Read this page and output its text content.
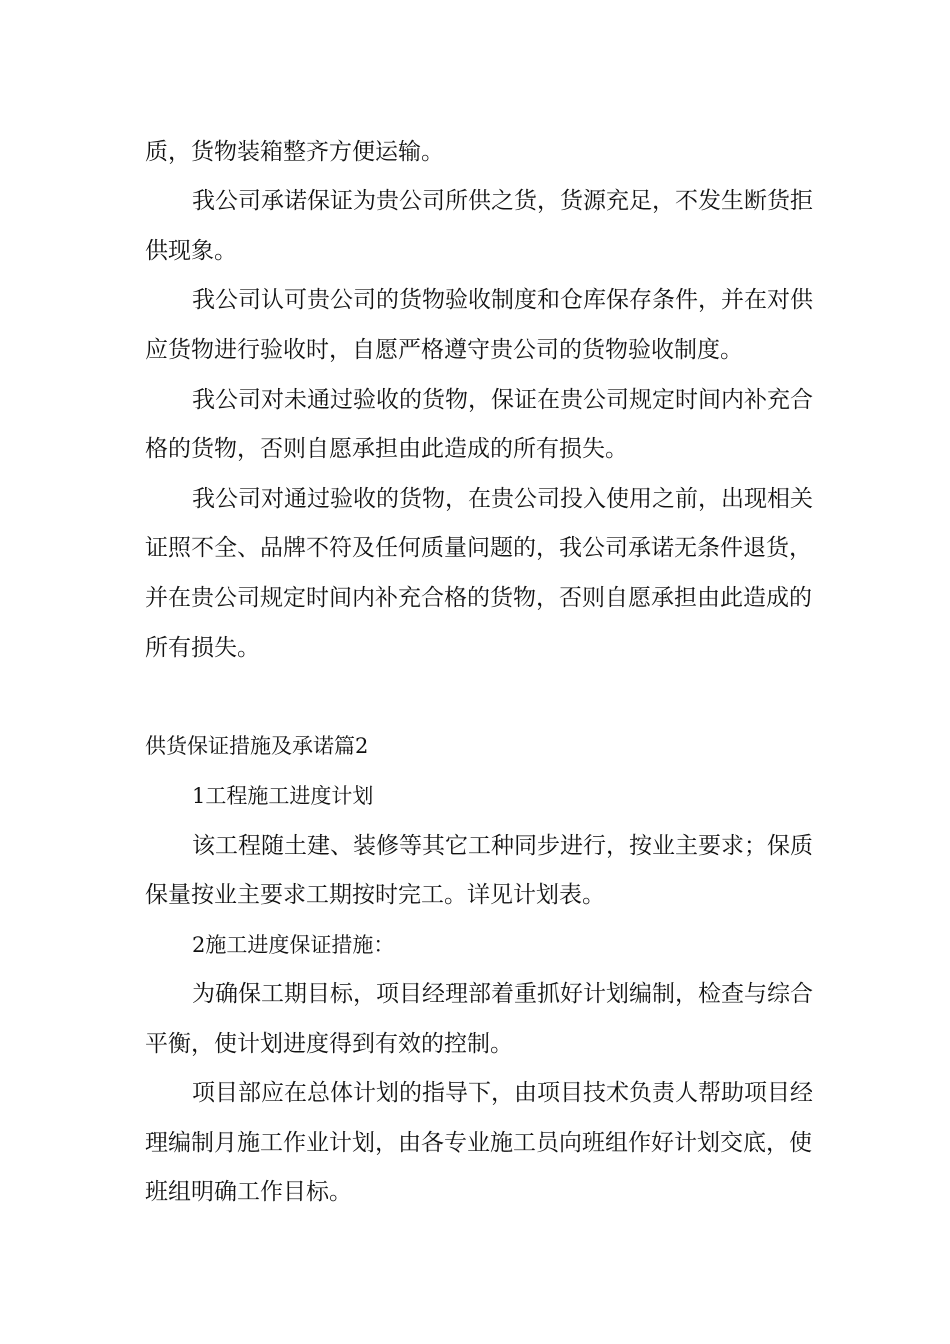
质，货物装箱整齐方便运输。
我公司承诺保证为贵公司所供之货，货源充足，不发生断货拒
供现象。
我公司认可贵公司的货物验收制度和仓库保存条件，并在对供
应货物进行验收时，自愿严格遵守贵公司的货物验收制度。
我公司对未通过验收的货物，保证在贵公司规定时间内补充合
格的货物，否则自愿承担由此造成的所有损失。
我公司对通过验收的货物，在贵公司投入使用之前，出现相关
证照不全、品牌不符及任何质量问题的，我公司承诺无条件退货，
并在贵公司规定时间内补充合格的货物，否则自愿承担由此造成的
所有损失。
供货保证措施及承诺篇2
1工程施工进度计划
该工程随土建、装修等其它工种同步进行，按业主要求；保质
保量按业主要求工期按时完工。详见计划表。
2施工进度保证措施：
为确保工期目标，项目经理部着重抓好计划编制，检查与综合
平衡，使计划进度得到有效的控制。
项目部应在总体计划的指导下，由项目技术负责人帮助项目经
理编制月施工作业计划，由各专业施工员向班组作好计划交底，使
班组明确工作目标。
